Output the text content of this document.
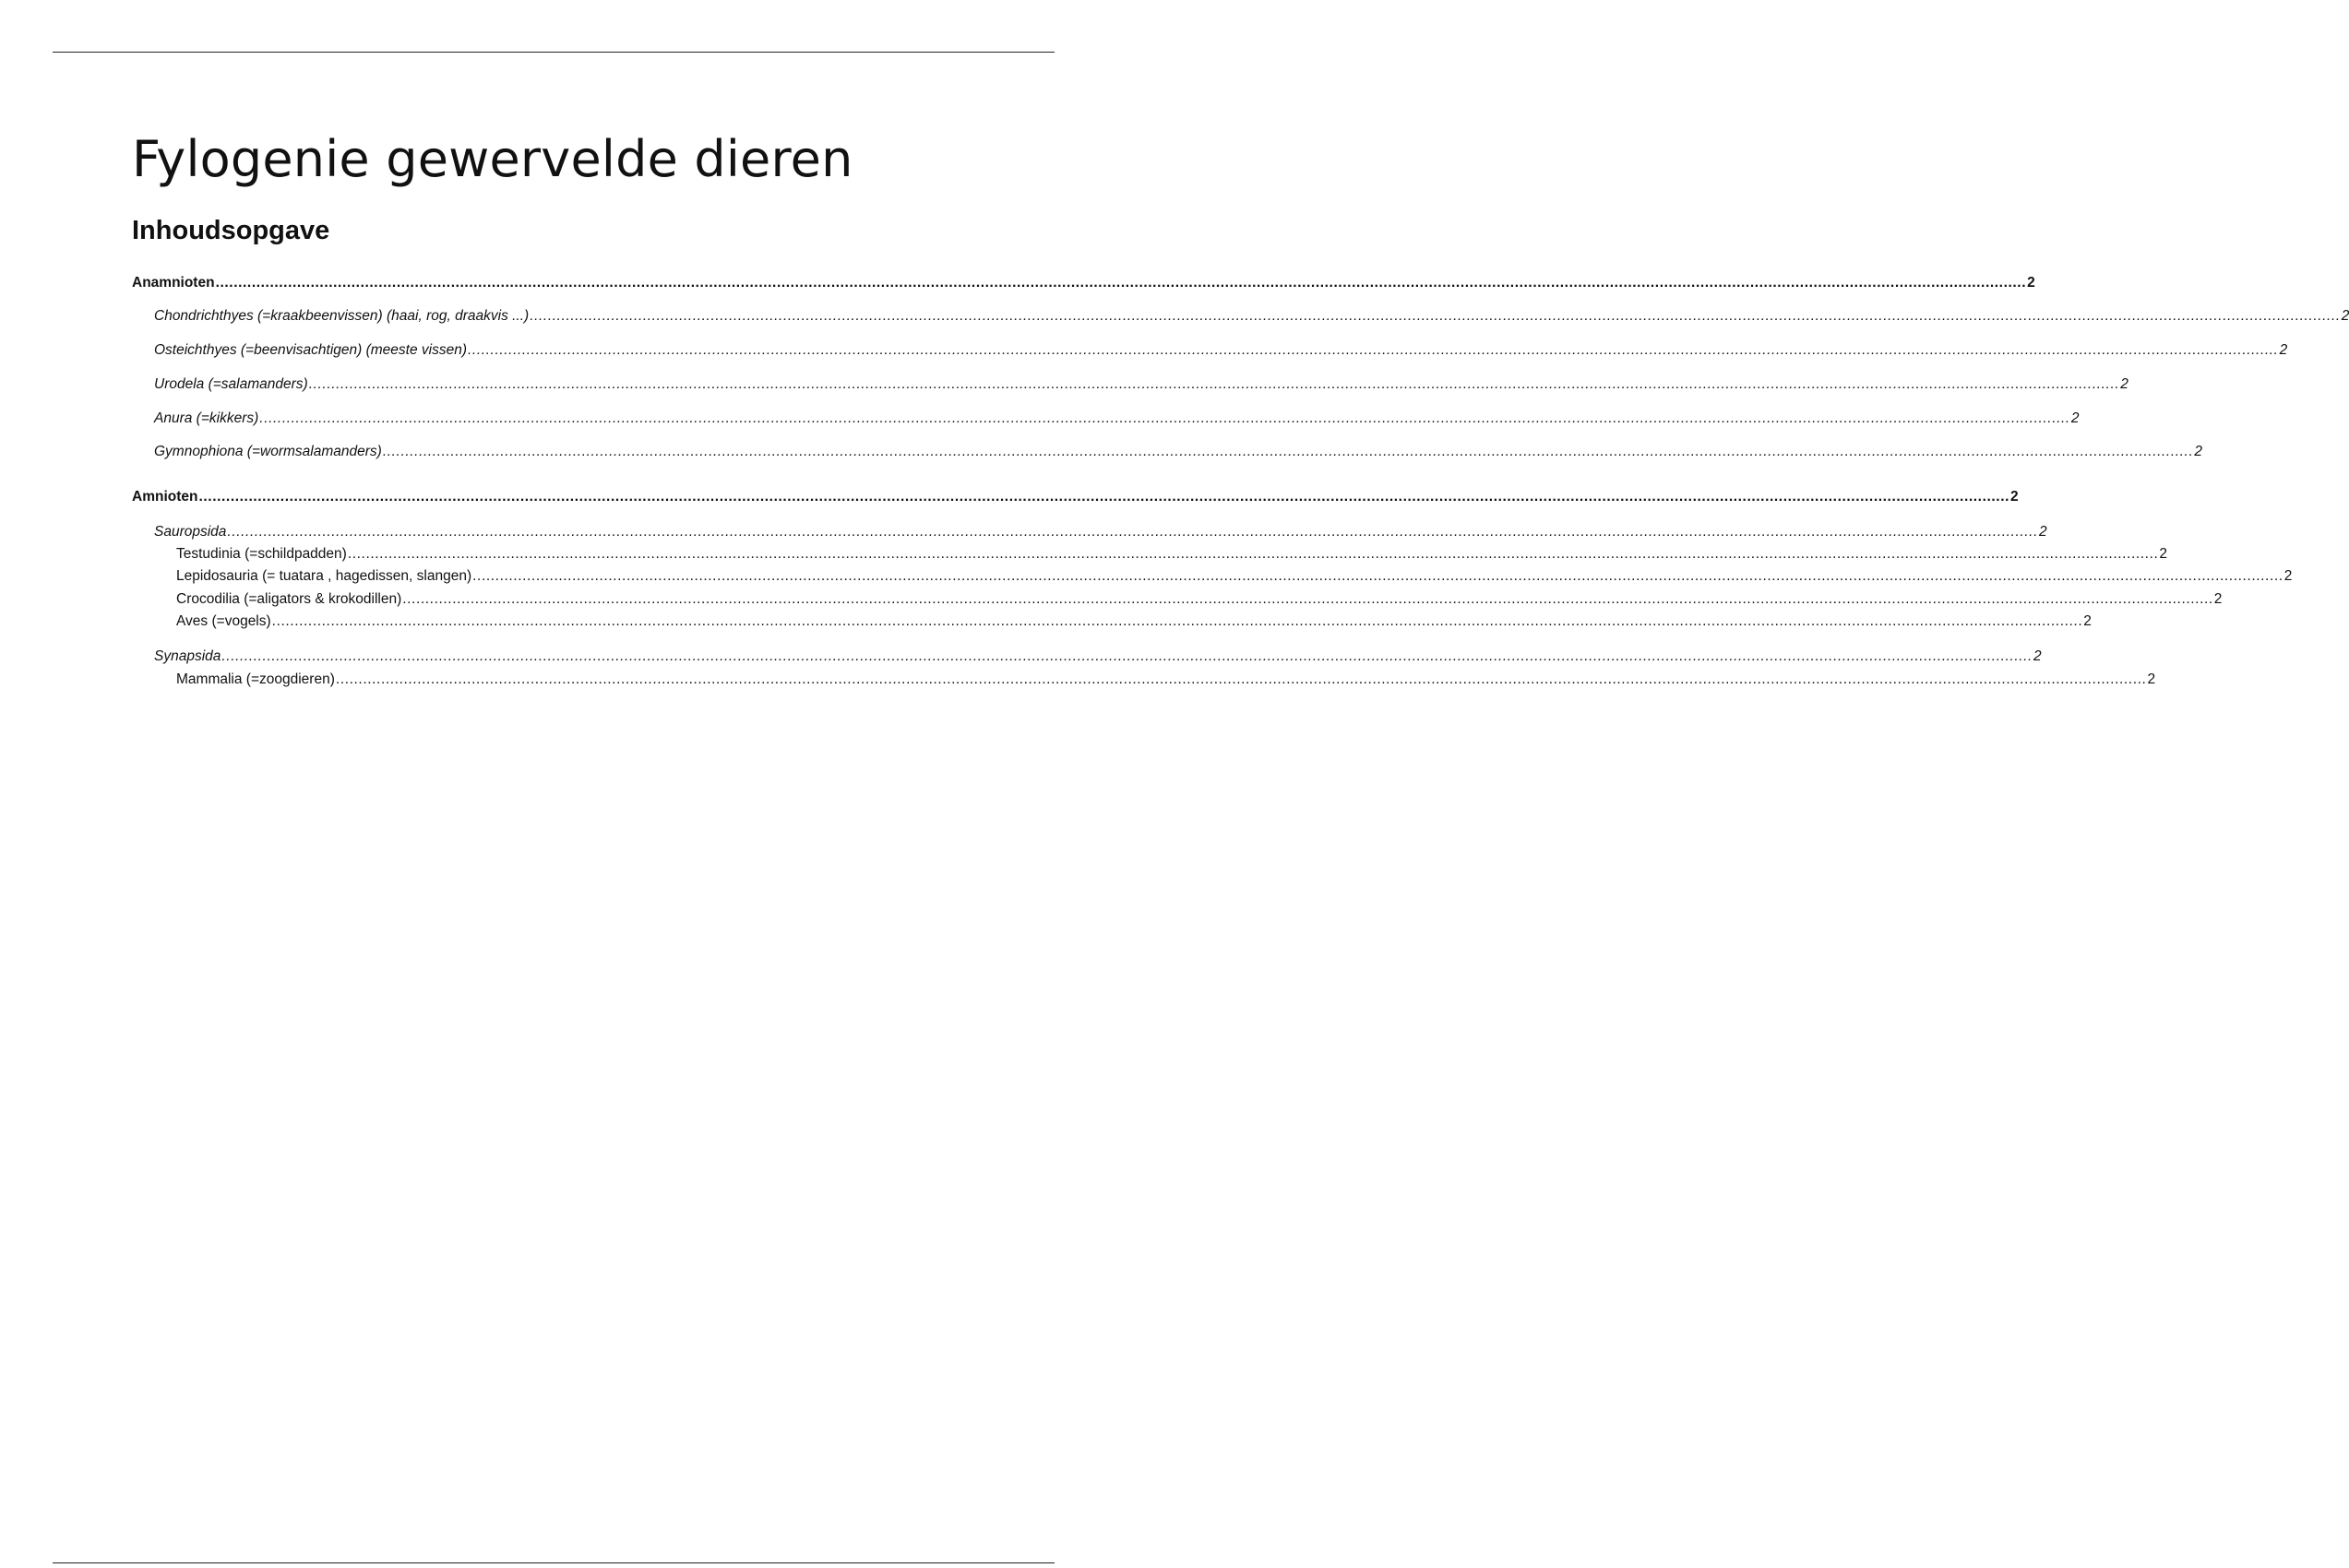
Fylogenie gewervelde dieren
Inhoudsopgave
Anamnioten ................................................................................................................................................................................................................................................................................................................................................................................................................ 2
Chondrichthyes (=kraakbeenvissen) (haai, rog, draakvis ...) ................................................................................................................................................................................................................................................................................................................................................................................................................ 2
Osteichthyes (=beenvisachtigen) (meeste vissen) ................................................................................................................................................................................................................................................................................................................................................................................................................ 2
Urodela (=salamanders) ................................................................................................................................................................................................................................................................................................................................................................................................................ 2
Anura (=kikkers) ................................................................................................................................................................................................................................................................................................................................................................................................................ 2
Gymnophiona (=wormsalamanders) ................................................................................................................................................................................................................................................................................................................................................................................................................ 2
Amnioten ................................................................................................................................................................................................................................................................................................................................................................................................................ 2
Sauropsida ................................................................................................................................................................................................................................................................................................................................................................................................................ 2
Testudinia (=schildpadden) ................................................................................................................................................................................................................................................................................................................................................................................................................ 2
Lepidosauria (= tuatara , hagedissen, slangen) ................................................................................................................................................................................................................................................................................................................................................................................................................ 2
Crocodilia (=aligators & krokodillen) ................................................................................................................................................................................................................................................................................................................................................................................................................ 2
Aves (=vogels) ................................................................................................................................................................................................................................................................................................................................................................................................................ 2
Synapsida ................................................................................................................................................................................................................................................................................................................................................................................................................ 2
Mammalia (=zoogdieren) ................................................................................................................................................................................................................................................................................................................................................................................................................ 2
